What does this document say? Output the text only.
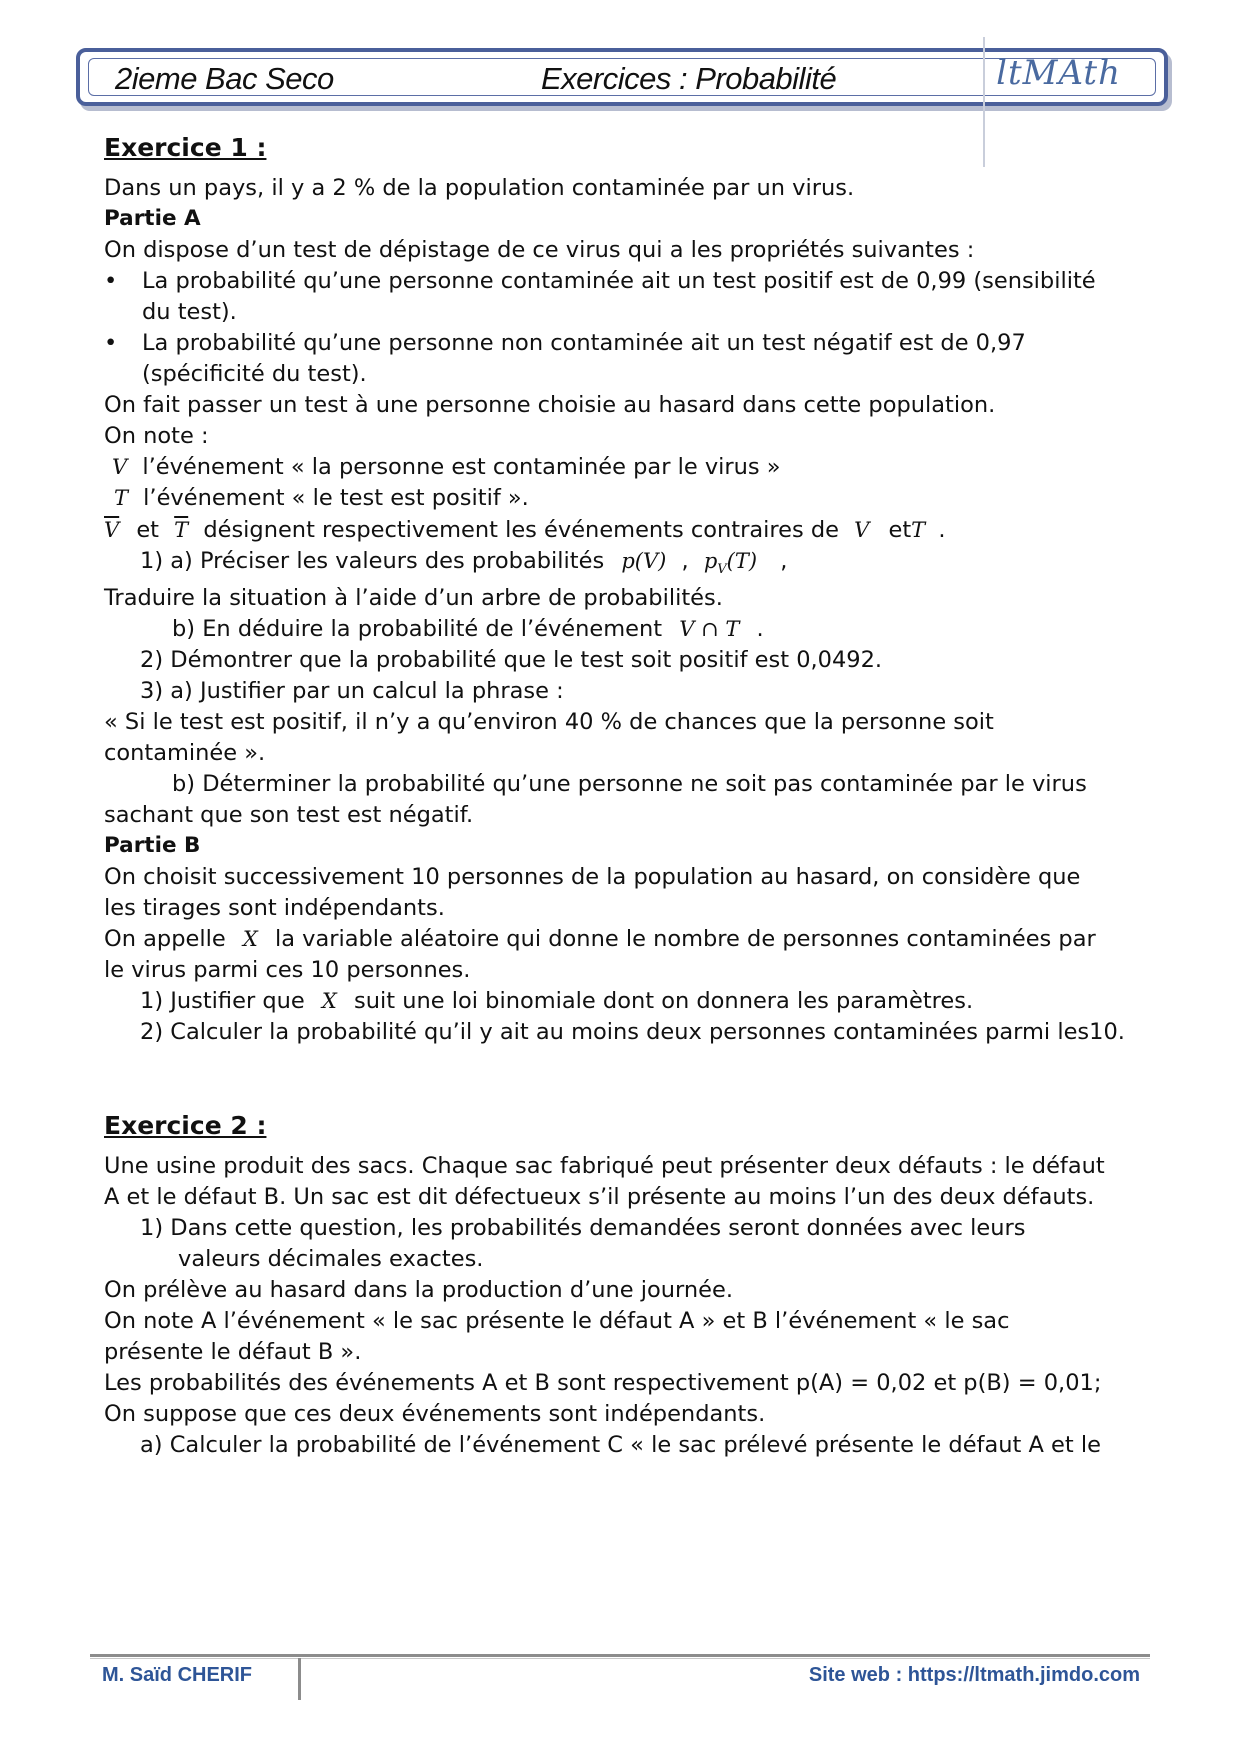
2ieme Bac Seco	Exercices : Probabilité	ltMAth
Exercice 1 :
Dans un pays, il y a 2 % de la population contaminée par un virus.
Partie A
On dispose d’un test de dépistage de ce virus qui a les propriétés suivantes :
• La probabilité qu’une personne contaminée ait un test positif est de 0,99 (sensibilité
du test).
• La probabilité qu’une personne non contaminée ait un test négatif est de 0,97
(spécificité du test).
On fait passer un test à une personne choisie au hasard dans cette population.
On note :
V l’événement « la personne est contaminée par le virus »
T l’événement « le test est positif ».
$\overline{V}$ et $\overline{T}$ désignent respectivement les événements contraires de V etT .
1) a) Préciser les valeurs des probabilités p(V) , $p_V(T)$ ,
Traduire la situation à l’aide d’un arbre de probabilités.
b) En déduire la probabilité de l’événement V ∩ T .
2) Démontrer que la probabilité que le test soit positif est 0,0492.
3) a) Justifier par un calcul la phrase :
« Si le test est positif, il n’y a qu’environ 40 % de chances que la personne soit
contaminée ».
b) Déterminer la probabilité qu’une personne ne soit pas contaminée par le virus
sachant que son test est négatif.
Partie B
On choisit successivement 10 personnes de la population au hasard, on considère que
les tirages sont indépendants.
On appelle X la variable aléatoire qui donne le nombre de personnes contaminées par
le virus parmi ces 10 personnes.
1) Justifier que X suit une loi binomiale dont on donnera les paramètres.
2) Calculer la probabilité qu’il y ait au moins deux personnes contaminées parmi les10.
Exercice 2 :
Une usine produit des sacs. Chaque sac fabriqué peut présenter deux défauts : le défaut
A et le défaut B. Un sac est dit défectueux s’il présente au moins l’un des deux défauts.
1) Dans cette question, les probabilités demandées seront données avec leurs
valeurs décimales exactes.
On prélève au hasard dans la production d’une journée.
On note A l’événement « le sac présente le défaut A » et B l’événement « le sac
présente le défaut B ».
Les probabilités des événements A et B sont respectivement p(A) = 0,02 et p(B) = 0,01;
On suppose que ces deux événements sont indépendants.
a) Calculer la probabilité de l’événement C « le sac prélevé présente le défaut A et le
M. Saïd CHERIF	Site web : https://ltmath.jimdo.com
